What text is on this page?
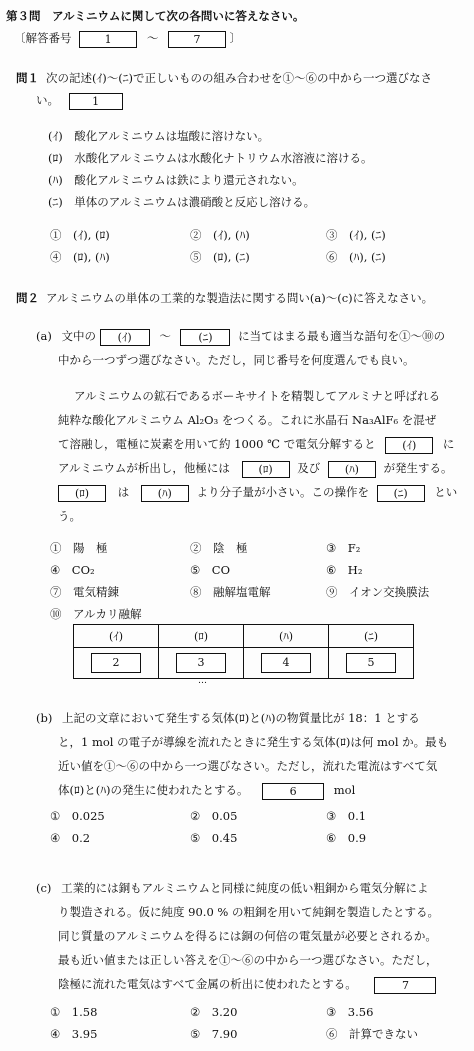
第３問　アルミニウムに関して次の各問いに答えなさい。
〔解答番号	1	～	7	〕
問１ 次の記述(ｲ)～(ﾆ)で正しいものの組み合わせを①～⑥の中から一つ選びなさ
い。	1
(ｲ)　酸化アルミニウムは塩酸に溶けない。
(ﾛ)　水酸化アルミニウムは水酸化ナトリウム水溶液に溶ける。
(ﾊ)　酸化アルミニウムは鉄により還元されない。
(ﾆ)　単体のアルミニウムは濃硝酸と反応し溶ける。
①　(ｲ), (ﾛ)	②　(ｲ), (ﾊ)	③　(ｲ), (ﾆ)
④　(ﾛ), (ﾊ)	⑤　(ﾛ), (ﾆ)	⑥　(ﾊ), (ﾆ)
問２ アルミニウムの単体の工業的な製造法に関する問い(a)～(c)に答えなさい。
(a) 文中の (ｲ) ～	(ﾆ) に当てはまる最も適当な語句を①～⑩の
中から一つずつ選びなさい。ただし，同じ番号を何度選んでも良い。
アルミニウムの鉱石であるボーキサイトを精製してアルミナと呼ばれる
純粋な酸化アルミニウム Al₂O₃ をつくる。これに氷晶石 Na₃AlF₆ を混ぜ
て溶融し，電極に炭素を用いて約 1000 ℃ で電気分解すると (ｲ) に
アルミニウムが析出し，他極には	(ﾛ) 及び (ﾊ) が発生する。
(ﾛ) は	(ﾊ) より分子量が小さい。この操作を (ﾆ) とい
う。
①　陽　極	②　陰　極	③　F₂
④　CO₂	⑤　CO	⑥　H₂
⑦　電気精錬	⑧　融解塩電解	⑨　イオン交換膜法
⑩　アルカリ融解
(ｲ)	(ﾛ)	(ﾊ)	(ﾆ)
2	3	4	5
…
(b) 上記の文章において発生する気体(ﾛ)と(ﾊ)の物質量比が 18：1 とする
と，1 mol の電子が導線を流れたときに発生する気体(ﾛ)は何 mol か。最も
近い値を①～⑥の中から一つ選びなさい。ただし，流れた電流はすべて気
体(ﾛ)と(ﾊ)の発生に使われたとする。	6	mol
①　0.025	②　0.05	③　0.1
④　0.2	⑤　0.45	⑥　0.9
(c) 工業的には銅もアルミニウムと同様に純度の低い粗銅から電気分解によ
り製造される。仮に純度 90.0 % の粗銅を用いて純銅を製造したとする。
同じ質量のアルミニウムを得るには銅の何倍の電気量が必要とされるか。
最も近い値または正しい答えを①～⑥の中から一つ選びなさい。ただし，
陰極に流れた電気はすべて金属の析出に使われたとする。	7
①　1.58	②　3.20	③　3.56
④　3.95	⑤　7.90	⑥　計算できない
